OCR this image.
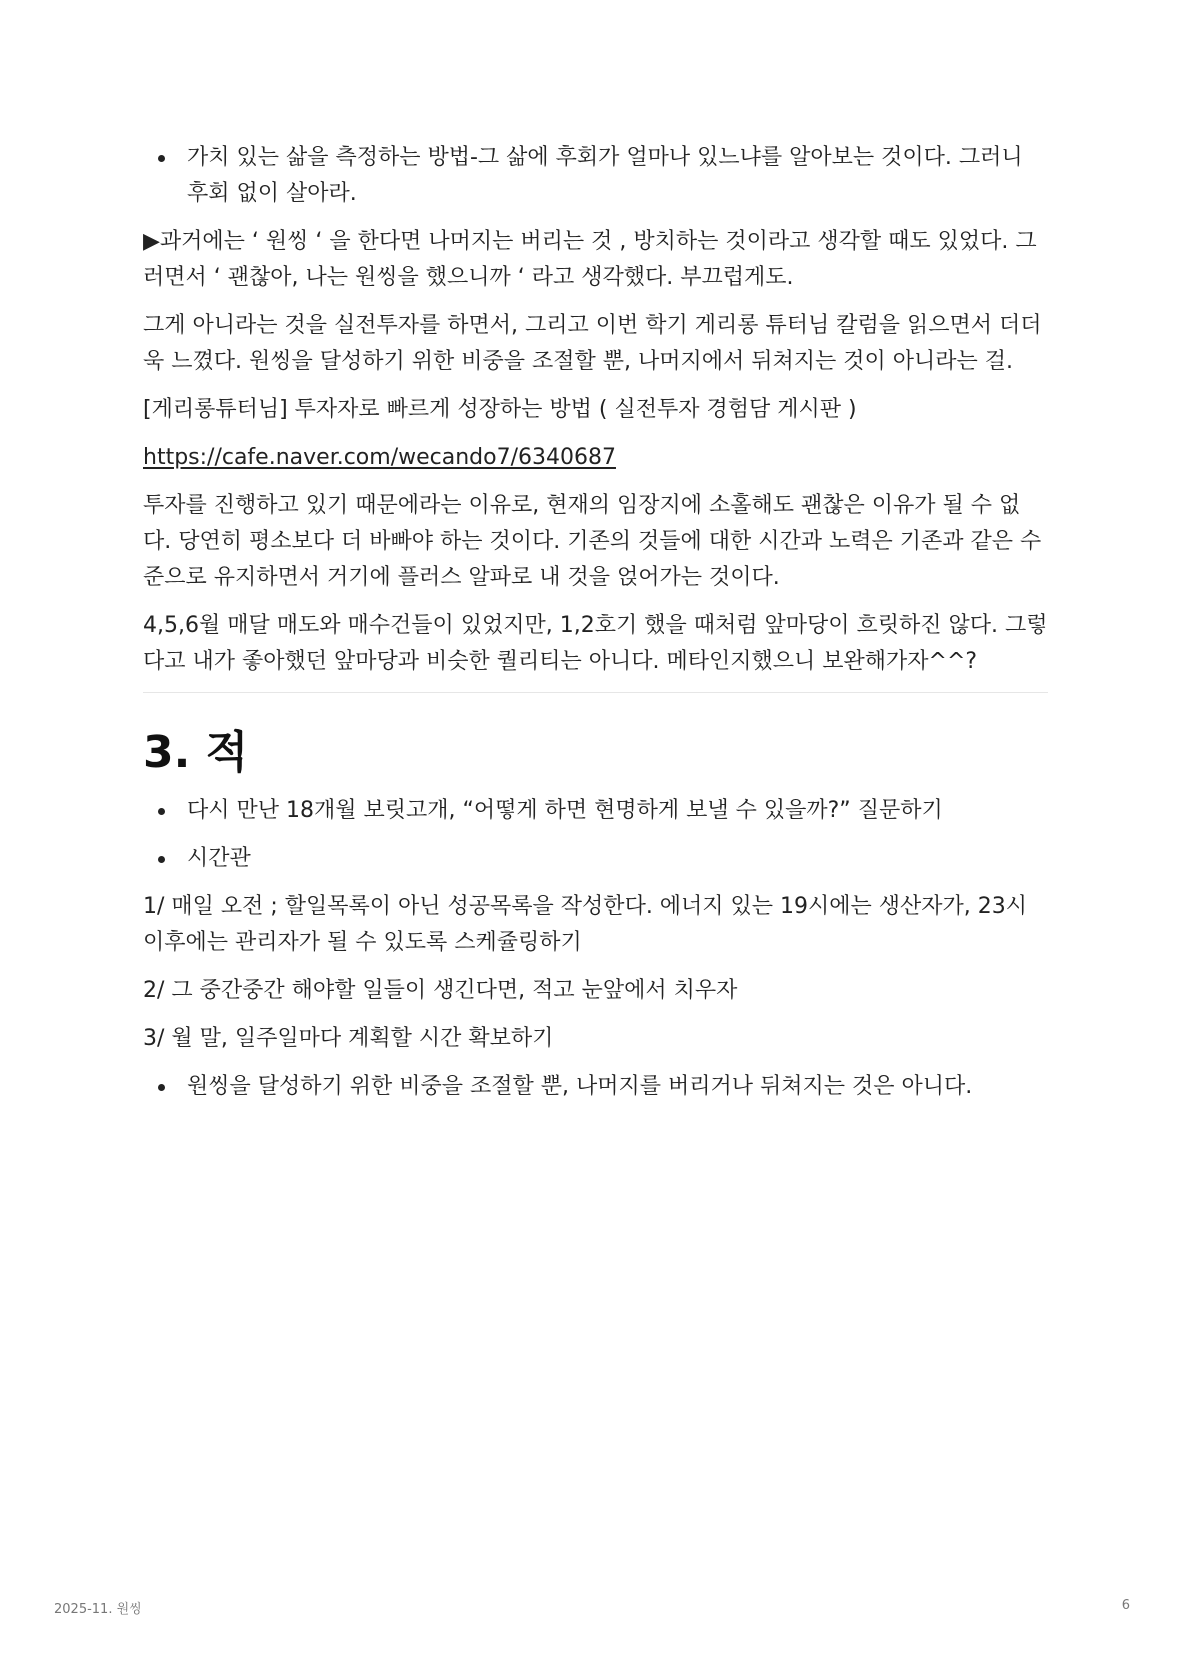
가치 있는 삶을 측정하는 방법-그 삶에 후회가 얼마나 있느냐를 알아보는 것이다. 그러니 후회 없이 살아라.

▶과거에는 ‘ 원씽 ‘ 을 한다면 나머지는 버리는 것 , 방치하는 것이라고 생각할 때도 있었다. 그러면서 ‘ 괜찮아, 나는 원씽을 했으니까 ‘ 라고 생각했다. 부끄럽게도.

그게 아니라는 것을 실전투자를 하면서, 그리고 이번 학기 게리롱 튜터님 칼럼을 읽으면서 더더욱 느꼈다. 원씽을 달성하기 위한 비중을 조절할 뿐, 나머지에서 뒤쳐지는 것이 아니라는 걸.

[게리롱튜터님] 투자자로 빠르게 성장하는 방법 ( 실전투자 경험담 게시판 )

https://cafe.naver.com/wecando7/6340687

투자를 진행하고 있기 때문에라는 이유로, 현재의 임장지에 소홀해도 괜찮은 이유가 될 수 없다. 당연히 평소보다 더 바빠야 하는 것이다. 기존의 것들에 대한 시간과 노력은 기존과 같은 수준으로 유지하면서 거기에 플러스 알파로 내 것을 얹어가는 것이다.

4,5,6월 매달 매도와 매수건들이 있었지만, 1,2호기 했을 때처럼 앞마당이 흐릿하진 않다. 그렇다고 내가 좋아했던 앞마당과 비슷한 퀄리티는 아니다. 메타인지했으니 보완해가자^^?

3. 적
다시 만난 18개월 보릿고개, “어떻게 하면 현명하게 보낼 수 있을까?” 질문하기
시간관

1/ 매일 오전 ; 할일목록이 아닌 성공목록을 작성한다. 에너지 있는 19시에는 생산자가, 23시 이후에는 관리자가 될 수 있도록 스케쥴링하기

2/ 그 중간중간 해야할 일들이 생긴다면, 적고 눈앞에서 치우자

3/ 월 말, 일주일마다 계획할 시간 확보하기

원씽을 달성하기 위한 비중을 조절할 뿐, 나머지를 버리거나 뒤쳐지는 것은 아니다.
2025-11. 원씽	6
